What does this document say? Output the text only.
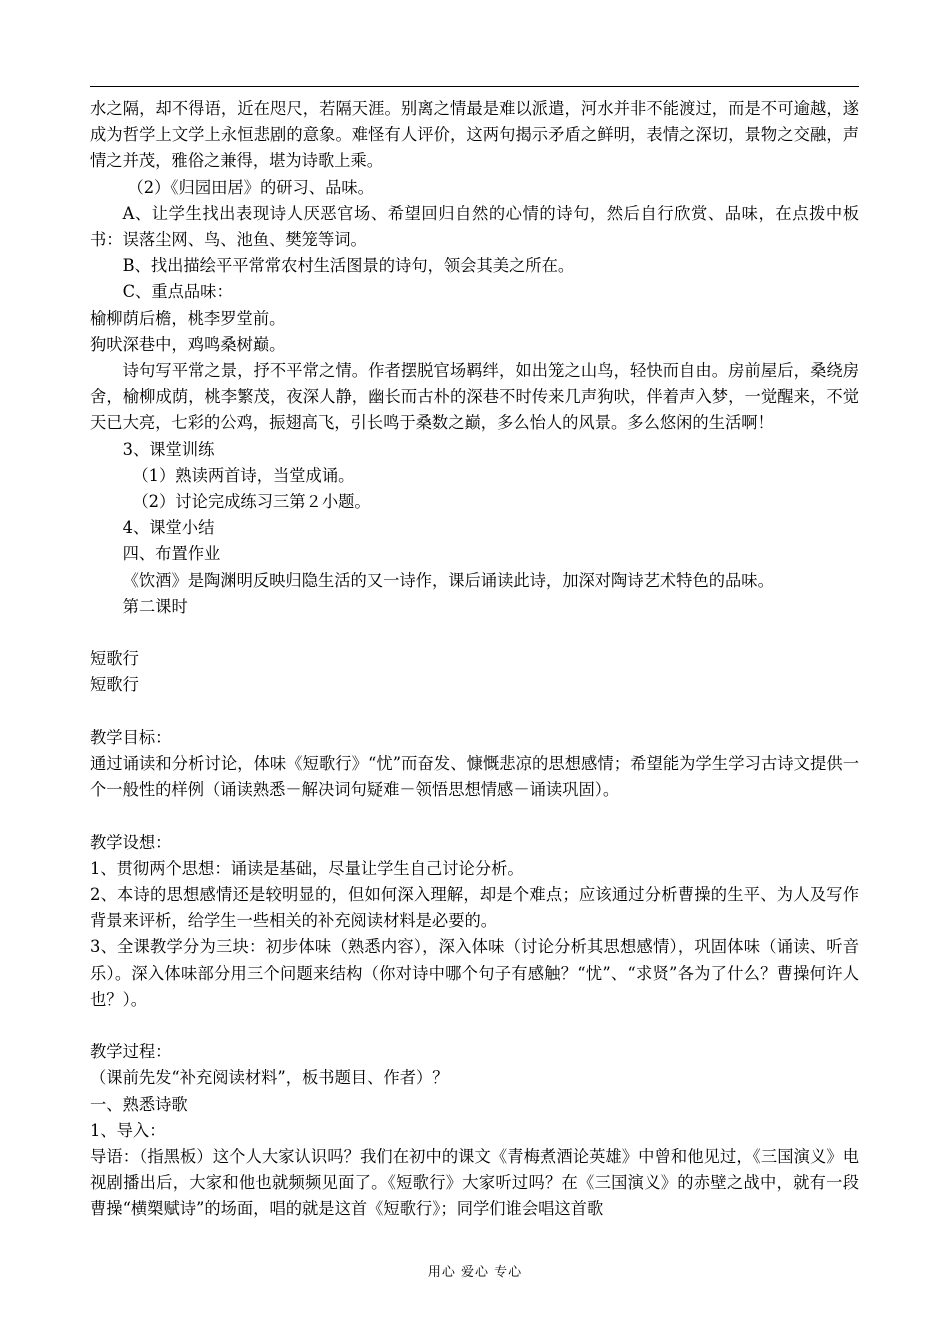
水之隔，却不得语，近在咫尺，若隔天涯。别离之情最是难以派遣，河水并非不能渡过，而是不可逾越，遂成为哲学上文学上永恒悲剧的意象。难怪有人评价，这两句揭示矛盾之鲜明，表情之深切，景物之交融，声情之并茂，雅俗之兼得，堪为诗歌上乘。

（2）《归园田居》的研习、品味。

A、让学生找出表现诗人厌恶官场、希望回归自然的心情的诗句，然后自行欣赏、品味，在点拨中板书：误落尘网、鸟、池鱼、樊笼等词。

B、找出描绘平平常常农村生活图景的诗句，领会其美之所在。

C、重点品味：

榆柳荫后檐，桃李罗堂前。

狗吠深巷中，鸡鸣桑树巅。

诗句写平常之景，抒不平常之情。作者摆脱官场羁绊，如出笼之山鸟，轻快而自由。房前屋后，桑绕房舍，榆柳成荫，桃李繁茂，夜深人静，幽长而古朴的深巷不时传来几声狗吠，伴着声入梦，一觉醒来，不觉天已大亮，七彩的公鸡，振翅高飞，引长鸣于桑数之巅，多么怡人的风景。多么悠闲的生活啊！

3、课堂训练

（1）熟读两首诗，当堂成诵。

（2）讨论完成练习三第２小题。

4、课堂小结

四、布置作业

《饮酒》是陶渊明反映归隐生活的又一诗作，课后诵读此诗，加深对陶诗艺术特色的品味。

第二课时

短歌行

短歌行

教学目标：

通过诵读和分析讨论，体味《短歌行》“忧”而奋发、慷慨悲凉的思想感情；希望能为学生学习古诗文提供一个一般性的样例（诵读熟悉－解决词句疑难－领悟思想情感－诵读巩固）。

教学设想：

1、贯彻两个思想：诵读是基础，尽量让学生自己讨论分析。

2、本诗的思想感情还是较明显的，但如何深入理解，却是个难点；应该通过分析曹操的生平、为人及写作背景来评析，给学生一些相关的补充阅读材料是必要的。

3、全课教学分为三块：初步体味（熟悉内容），深入体味（讨论分析其思想感情），巩固体味（诵读、听音乐）。深入体味部分用三个问题来结构（你对诗中哪个句子有感触？“忧”、“求贤”各为了什么？曹操何许人也？）。

教学过程：

（课前先发“补充阅读材料”，板书题目、作者）？

一、熟悉诗歌

1、导入：

导语：（指黑板）这个人大家认识吗？我们在初中的课文《青梅煮酒论英雄》中曾和他见过，《三国演义》电视剧播出后，大家和他也就频频见面了。《短歌行》大家听过吗？在《三国演义》的赤壁之战中，就有一段曹操“横槊赋诗”的场面，唱的就是这首《短歌行》；同学们谁会唱这首歌

用心 爱心 专心
